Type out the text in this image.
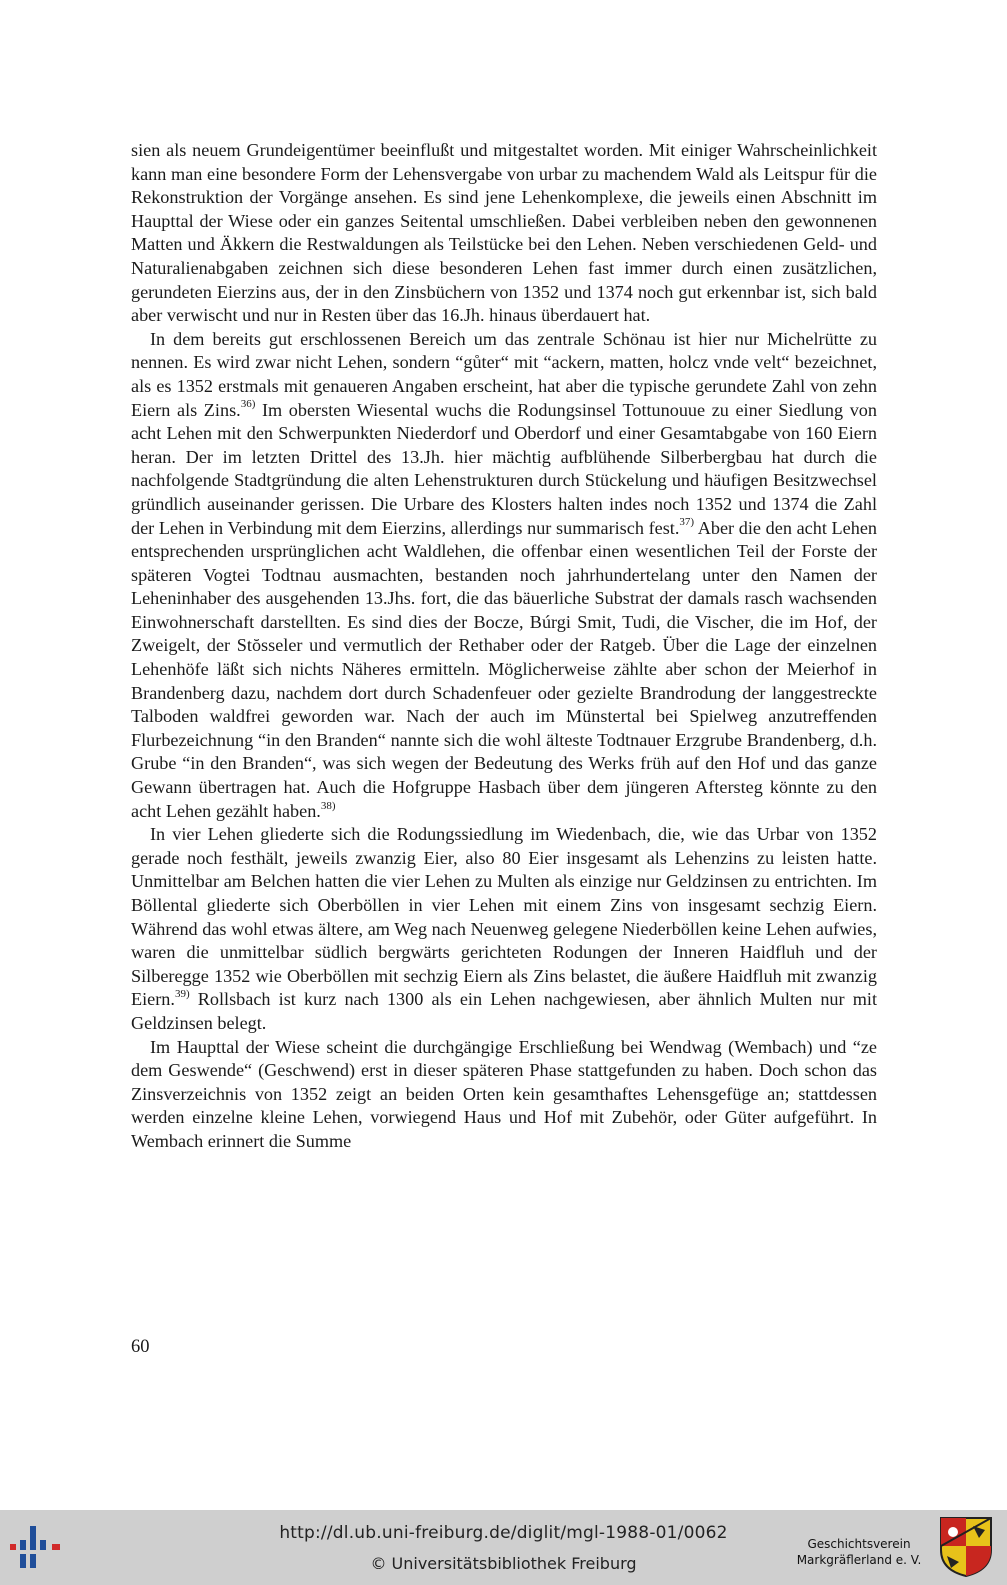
sien als neuem Grundeigentümer beeinflußt und mitgestaltet worden. Mit einiger Wahrscheinlichkeit kann man eine besondere Form der Lehensvergabe von urbar zu machendem Wald als Leitspur für die Rekonstruktion der Vorgänge ansehen. Es sind jene Lehenkomplexe, die jeweils einen Abschnitt im Haupttal der Wiese oder ein ganzes Seitental umschließen. Dabei verbleiben neben den gewonnenen Matten und Äkkern die Restwaldungen als Teilstücke bei den Lehen. Neben verschiedenen Geld- und Naturalienabgaben zeichnen sich diese besonderen Lehen fast immer durch einen zusätzlichen, gerundeten Eierzins aus, der in den Zinsbüchern von 1352 und 1374 noch gut erkennbar ist, sich bald aber verwischt und nur in Resten über das 16.Jh. hinaus überdauert hat.

In dem bereits gut erschlossenen Bereich um das zentrale Schönau ist hier nur Michelrütte zu nennen. Es wird zwar nicht Lehen, sondern “gůter“ mit “ackern, matten, holcz vnde velt“ bezeichnet, als es 1352 erstmals mit genaueren Angaben erscheint, hat aber die typische gerundete Zahl von zehn Eiern als Zins.$^{36)}$ Im obersten Wiesental wuchs die Rodungsinsel Tottunouue zu einer Siedlung von acht Lehen mit den Schwerpunkten Niederdorf und Oberdorf und einer Gesamtabgabe von 160 Eiern heran. Der im letzten Drittel des 13.Jh. hier mächtig aufblühende Silberbergbau hat durch die nachfolgende Stadtgründung die alten Lehenstrukturen durch Stückelung und häufigen Besitzwechsel gründlich auseinander gerissen. Die Urbare des Klosters halten indes noch 1352 und 1374 die Zahl der Lehen in Verbindung mit dem Eierzins, allerdings nur summarisch fest.$^{37)}$ Aber die den acht Lehen entsprechenden ursprünglichen acht Waldlehen, die offenbar einen wesentlichen Teil der Forste der späteren Vogtei Todtnau ausmachten, bestanden noch jahrhundertelang unter den Namen der Leheninhaber des ausgehenden 13.Jhs. fort, die das bäuerliche Substrat der damals rasch wachsenden Einwohnerschaft darstellten. Es sind dies der Bocze, Búrgi Smit, Tudi, die Vischer, die im Hof, der Zweigelt, der Stŏsseler und vermutlich der Rethaber oder der Ratgeb. Über die Lage der einzelnen Lehenhöfe läßt sich nichts Näheres ermitteln. Möglicherweise zählte aber schon der Meierhof in Brandenberg dazu, nachdem dort durch Schadenfeuer oder gezielte Brandrodung der langgestreckte Talboden waldfrei geworden war. Nach der auch im Münstertal bei Spielweg anzutreffenden Flurbezeichnung “in den Branden“ nannte sich die wohl älteste Todtnauer Erzgrube Brandenberg, d.h. Grube “in den Branden“, was sich wegen der Bedeutung des Werks früh auf den Hof und das ganze Gewann übertragen hat. Auch die Hofgruppe Hasbach über dem jüngeren Aftersteg könnte zu den acht Lehen gezählt haben.$^{38)}$

In vier Lehen gliederte sich die Rodungssiedlung im Wiedenbach, die, wie das Urbar von 1352 gerade noch festhält, jeweils zwanzig Eier, also 80 Eier insgesamt als Lehenzins zu leisten hatte. Unmittelbar am Belchen hatten die vier Lehen zu Multen als einzige nur Geldzinsen zu entrichten. Im Böllental gliederte sich Oberböllen in vier Lehen mit einem Zins von insgesamt sechzig Eiern. Während das wohl etwas ältere, am Weg nach Neuenweg gelegene Niederböllen keine Lehen aufwies, waren die unmittelbar südlich bergwärts gerichteten Rodungen der Inneren Haidfluh und der Silberegge 1352 wie Oberböllen mit sechzig Eiern als Zins belastet, die äußere Haidfluh mit zwanzig Eiern.$^{39)}$ Rollsbach ist kurz nach 1300 als ein Lehen nachgewiesen, aber ähnlich Multen nur mit Geldzinsen belegt.

Im Haupttal der Wiese scheint die durchgängige Erschließung bei Wendwag (Wembach) und “ze dem Geswende“ (Geschwend) erst in dieser späteren Phase stattgefunden zu haben. Doch schon das Zinsverzeichnis von 1352 zeigt an beiden Orten kein gesamthaftes Lehensgefüge an; stattdessen werden einzelne kleine Lehen, vorwiegend Haus und Hof mit Zubehör, oder Güter aufgeführt. In Wembach erinnert die Summe

60
http://dl.ub.uni-freiburg.de/diglit/mgl-1988-01/0062
© Universitätsbibliothek Freiburg
Geschichtsverein
Markgräflerland e. V.
